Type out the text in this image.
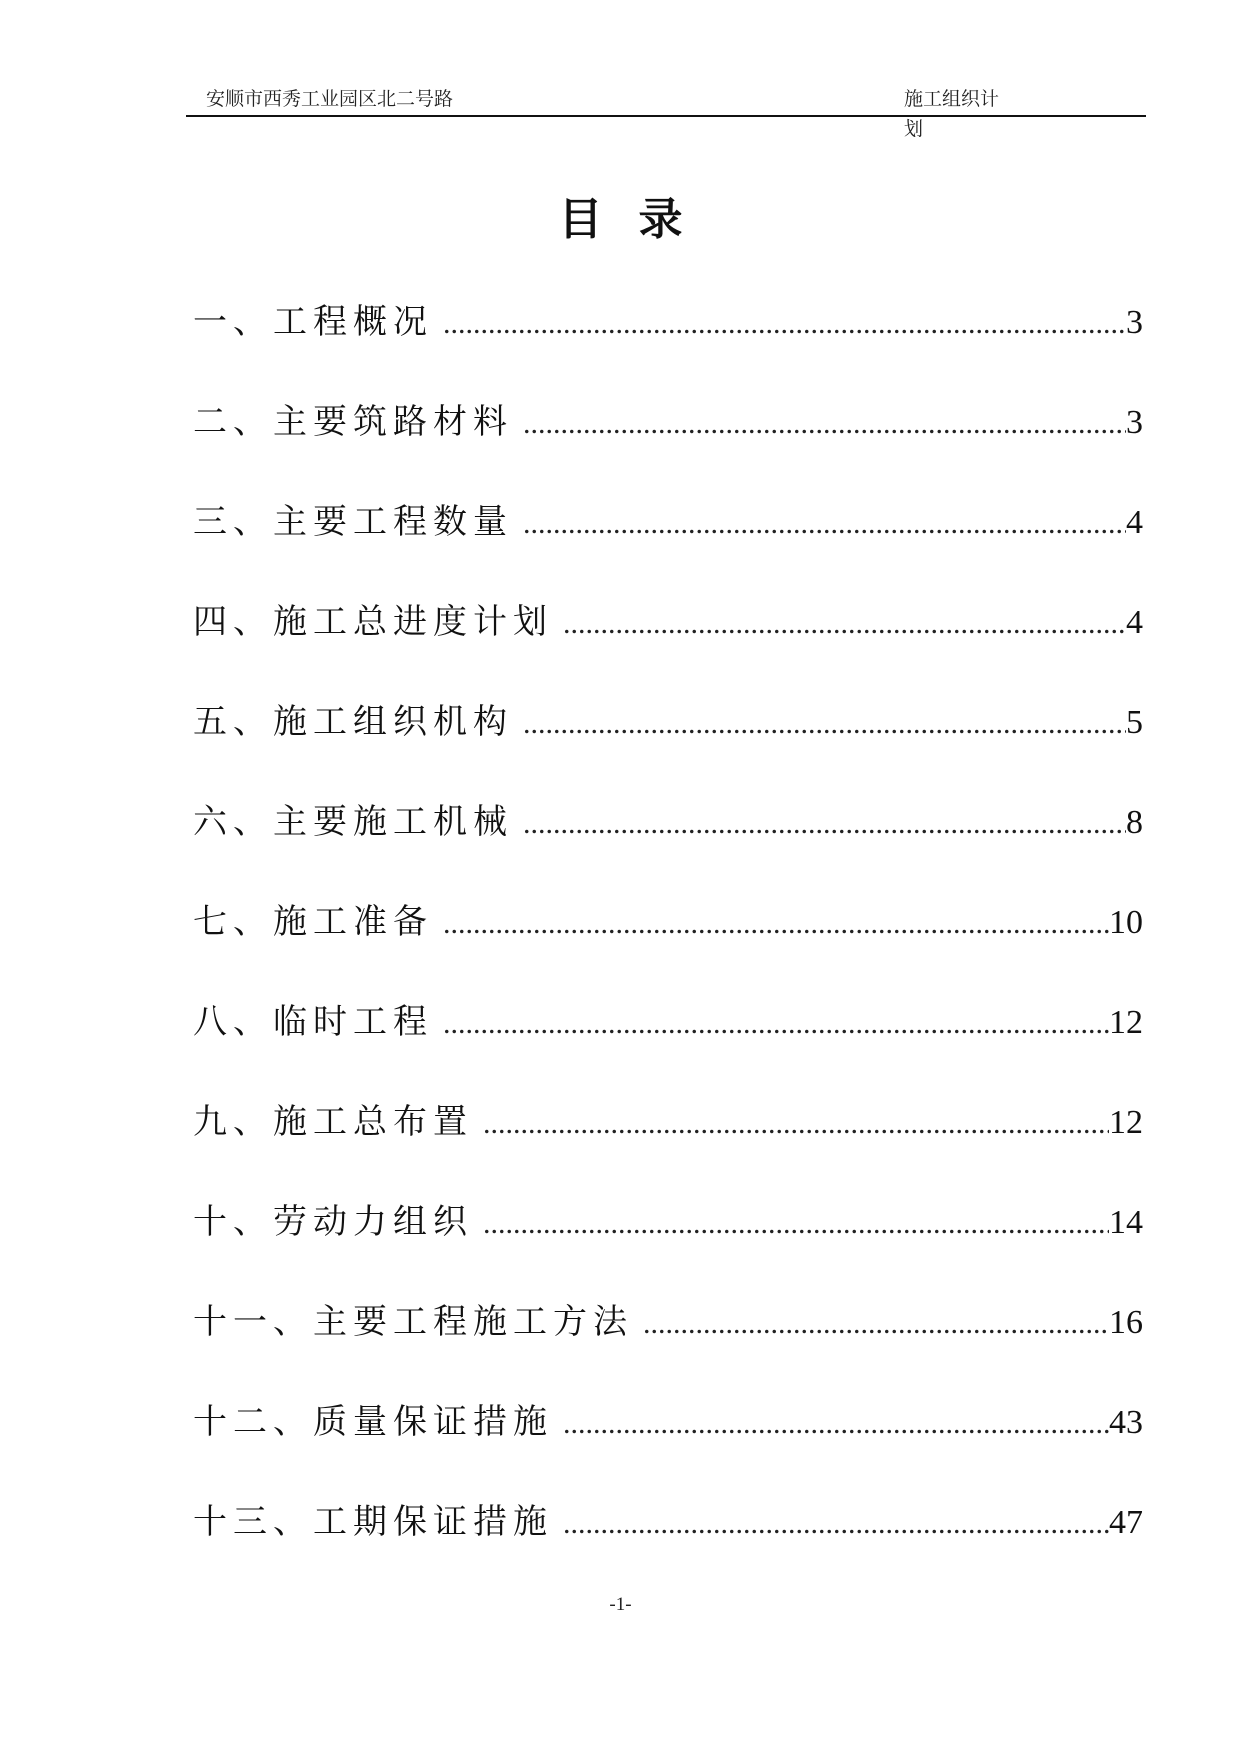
安顺市西秀工业园区北二号路	施工组织计划
目录
一、工程概况 .....	3
二、主要筑路材料 .....	3
三、主要工程数量 .....	4
四、施工总进度计划 .....	4
五、施工组织机构 .....	5
六、主要施工机械 .....	8
七、施工准备 .....	10
八、临时工程 .....	12
九、施工总布置 .....	12
十、劳动力组织 .....	14
十一、主要工程施工方法 .....	16
十二、质量保证措施 .....	43
十三、工期保证措施 .....	47
-1-
